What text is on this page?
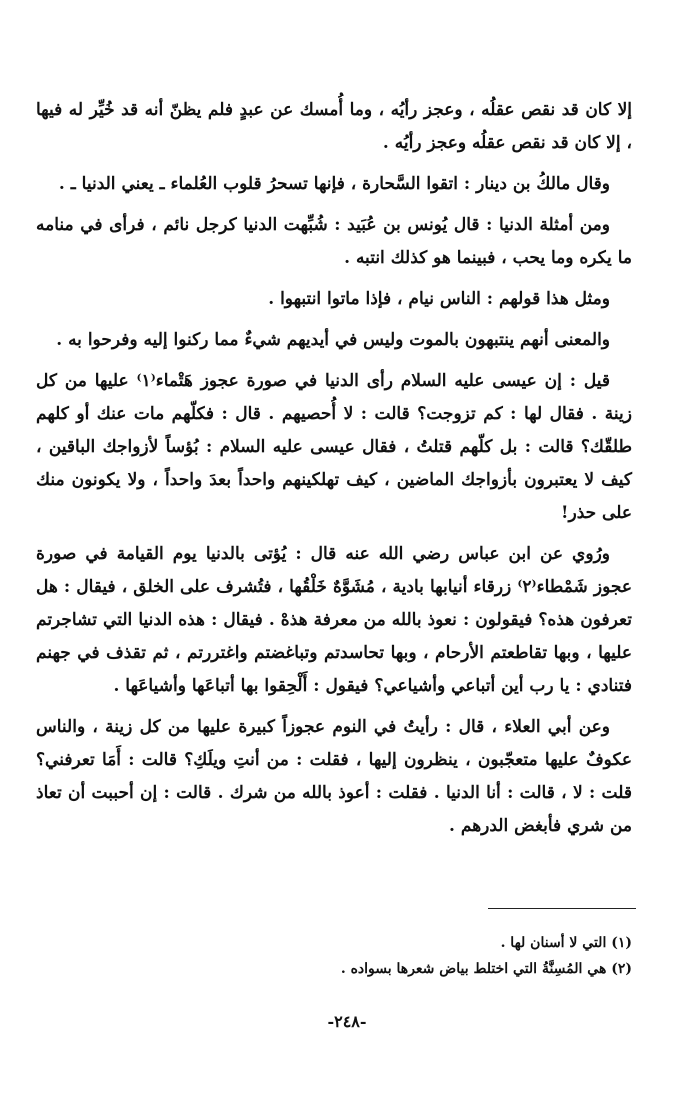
إلا كان قد نقص عقلُه ، وعجز رأيُه ، وما أُمسك عن عبدٍ فلم يظنّ أنه قد خُيِّر له فيها ، إلا كان قد نقص عقلُه وعجز رأيُه .

وقال مالكُ بن دينار : اتقوا السَّحارة ، فإنها تسحرُ قلوب العُلماء ـ يعني الدنيا ـ .

ومن أمثلة الدنيا : قال يُونس بن عُبَيد : شُبِّهت الدنيا كرجل نائم ، فرأى في منامه ما يكره وما يحب ، فبينما هو كذلك انتبه .

ومثل هذا قولهم : الناس نيام ، فإذا ماتوا انتبهوا .

والمعنى أنهم ينتبهون بالموت وليس في أيديهم شيءٌ مما ركنوا إليه وفرحوا به .

قيل : إن عيسى عليه السلام رأى الدنيا في صورة عجوز هَتْماء⁽١⁾ عليها من كل زينة . فقال لها : كم تزوجت؟ قالت : لا أُحصيهم . قال : فكلّهم مات عنك أو كلهم طلقّك؟ قالت : بل كلّهم قتلتُ ، فقال عيسى عليه السلام : بُؤساً لأزواجك الباقين ، كيف لا يعتبرون بأزواجك الماضين ، كيف تهلكينهم واحداً بعدَ واحداً ، ولا يكونون منك على حذر!

ورُوي عن ابن عباس رضي الله عنه قال : يُؤتى بالدنيا يوم القيامة في صورة عجوز شَمْطاء⁽٢⁾ زرقاء أنيابها بادية ، مُشَوَّهٌ خَلْقُها ، فتُشرف على الخلق ، فيقال : هل تعرفون هذه؟ فيقولون : نعوذ بالله من معرفة هذهْ . فيقال : هذه الدنيا التي تشاجرتم عليها ، وبها تقاطعتم الأرحام ، وبها تحاسدتم وتباغضتم واغتررتم ، ثم تقذف في جهنم فتنادي : يا رب أين أتباعي وأشياعي؟ فيقول : أَلْحِقوا بها أتباعَها وأشياعَها .

وعن أبي العلاء ، قال : رأيتُ في النوم عجوزاً كبيرة عليها من كل زينة ، والناس عكوفٌ عليها متعجّبون ، ينظرون إليها ، فقلت : من أنتِ ويلَكِ؟ قالت : أَمَا تعرفني؟ قلت : لا ، قالت : أنا الدنيا . فقلت : أعوذ بالله من شرك . قالت : إن أحببت أن تعاذ من شري فأبغض الدرهم .

(١) التي لا أسنان لها .

(٢) هي المُسِنَّةُ التي اختلط بياض شعرها بسواده .

-٢٤٨-
